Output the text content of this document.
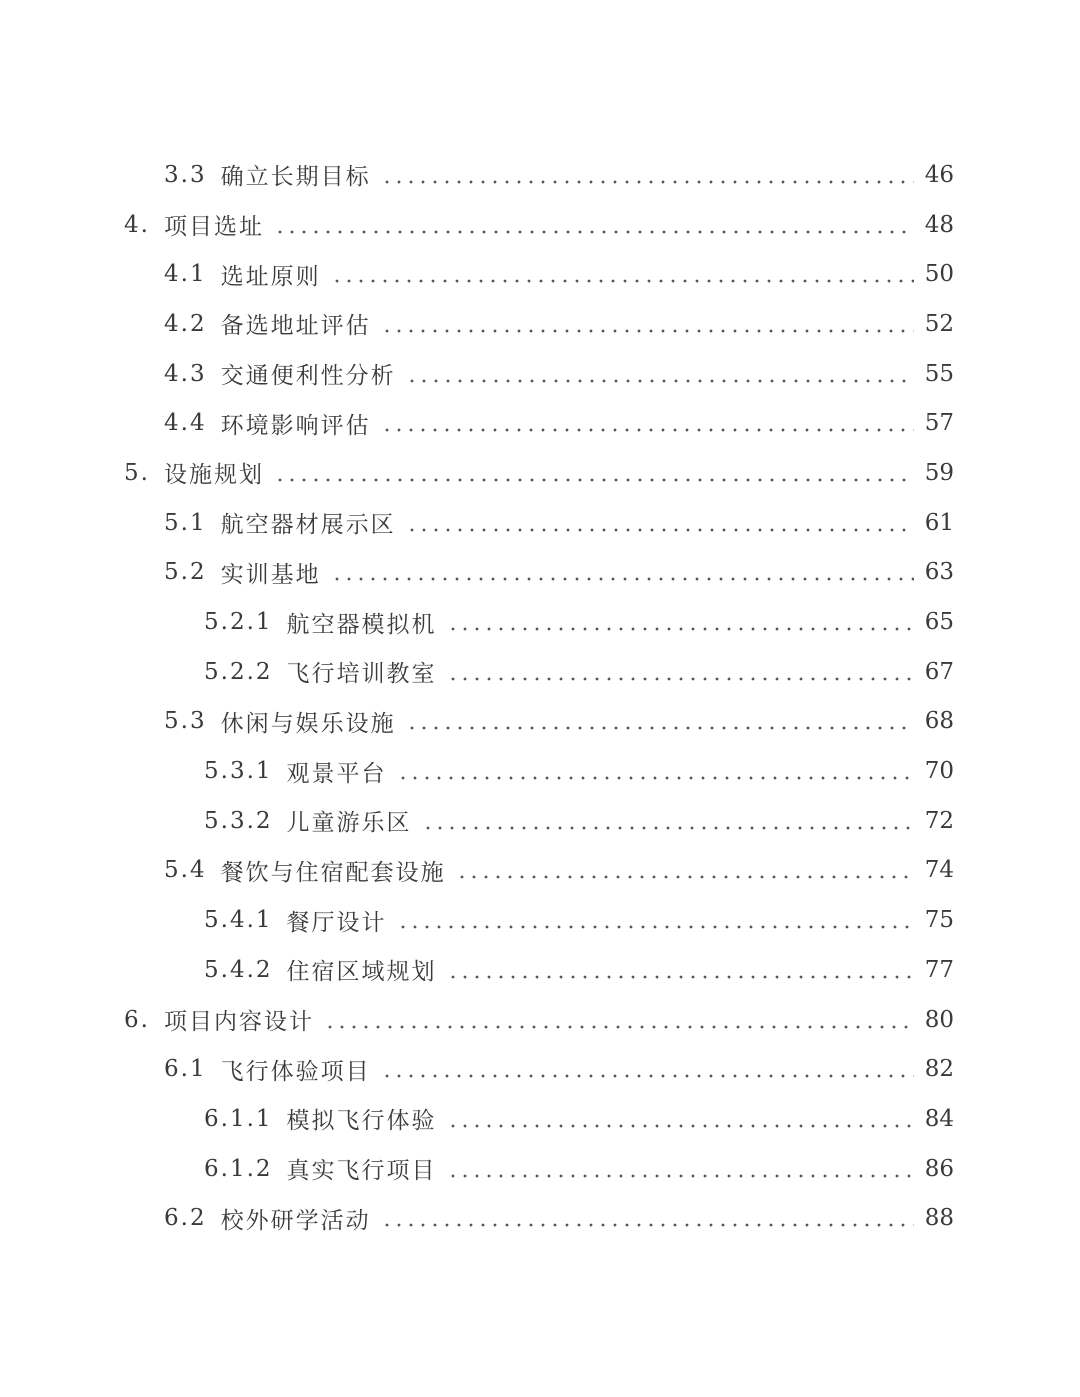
3.3 确立长期目标	46
4. 项目选址	48
4.1 选址原则	50
4.2 备选地址评估	52
4.3 交通便利性分析	55
4.4 环境影响评估	57
5. 设施规划	59
5.1 航空器材展示区	61
5.2 实训基地	63
5.2.1 航空器模拟机	65
5.2.2 飞行培训教室	67
5.3 休闲与娱乐设施	68
5.3.1 观景平台	70
5.3.2 儿童游乐区	72
5.4 餐饮与住宿配套设施	74
5.4.1 餐厅设计	75
5.4.2 住宿区域规划	77
6. 项目内容设计	80
6.1 飞行体验项目	82
6.1.1 模拟飞行体验	84
6.1.2 真实飞行项目	86
6.2 校外研学活动	88
